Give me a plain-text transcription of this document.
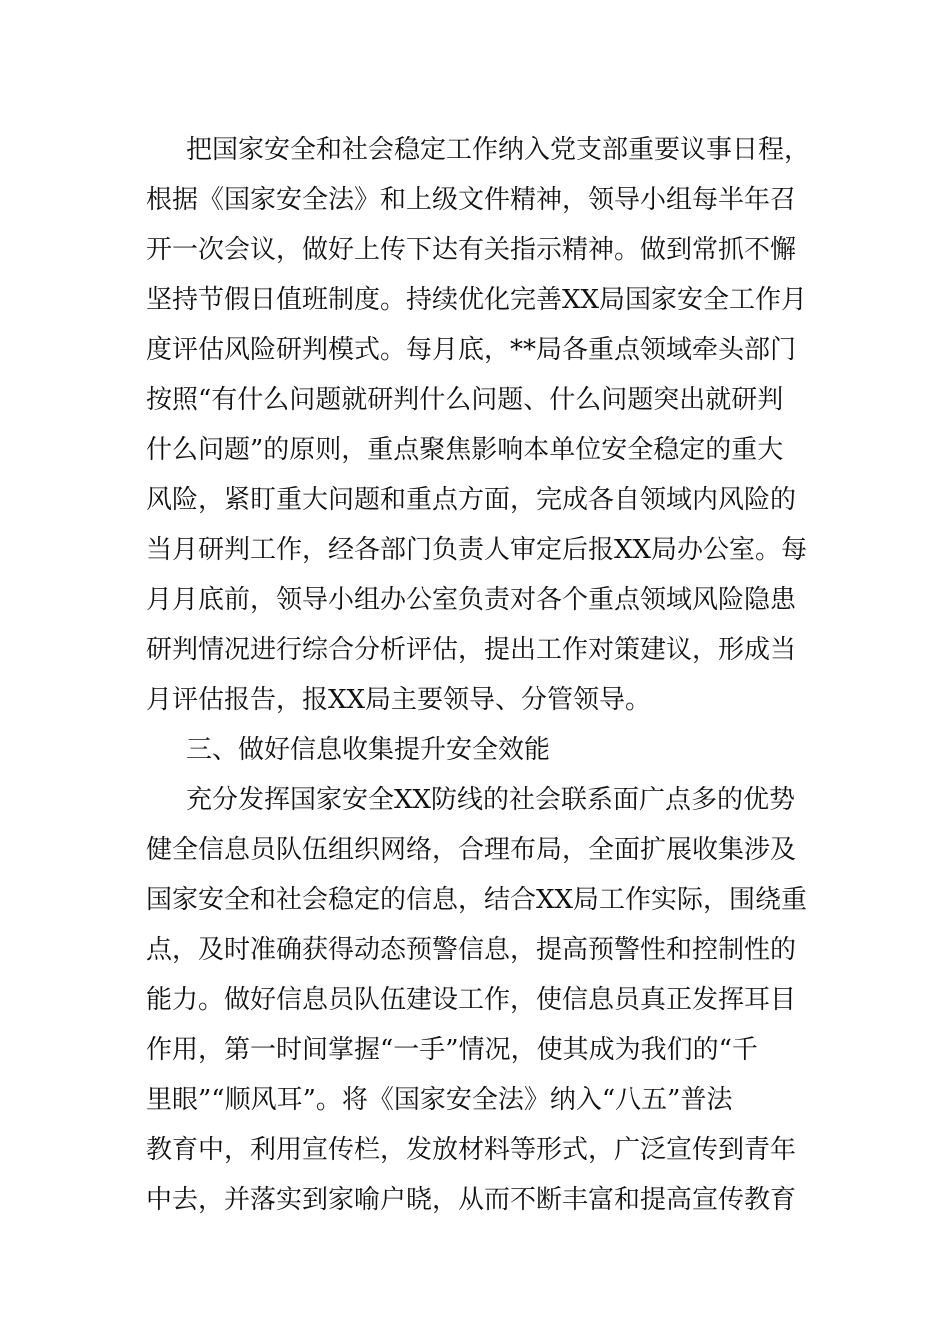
把国家安全和社会稳定工作纳入党支部重要议事日程，
根据《国家安全法》和上级文件精神，领导小组每半年召
开一次会议，做好上传下达有关指示精神。做到常抓不懈
坚持节假日值班制度。持续优化完善XX局国家安全工作月
度评估风险研判模式。每月底，**局各重点领域牵头部门
按照“有什么问题就研判什么问题、什么问题突出就研判
什么问题”的原则，重点聚焦影响本单位安全稳定的重大
风险，紧盯重大问题和重点方面，完成各自领域内风险的
当月研判工作，经各部门负责人审定后报XX局办公室。每
月月底前，领导小组办公室负责对各个重点领域风险隐患
研判情况进行综合分析评估，提出工作对策建议，形成当
月评估报告，报XX局主要领导、分管领导。
三、做好信息收集提升安全效能
充分发挥国家安全XX防线的社会联系面广点多的优势
健全信息员队伍组织网络，合理布局，全面扩展收集涉及
国家安全和社会稳定的信息，结合XX局工作实际，围绕重
点，及时准确获得动态预警信息，提高预警性和控制性的
能力。做好信息员队伍建设工作，使信息员真正发挥耳目
作用，第一时间掌握“一手”情况，使其成为我们的“千
里眼”“顺风耳”。将《国家安全法》纳入“八五”普法
教育中，利用宣传栏，发放材料等形式，广泛宣传到青年
中去，并落实到家喻户晓，从而不断丰富和提高宣传教育
